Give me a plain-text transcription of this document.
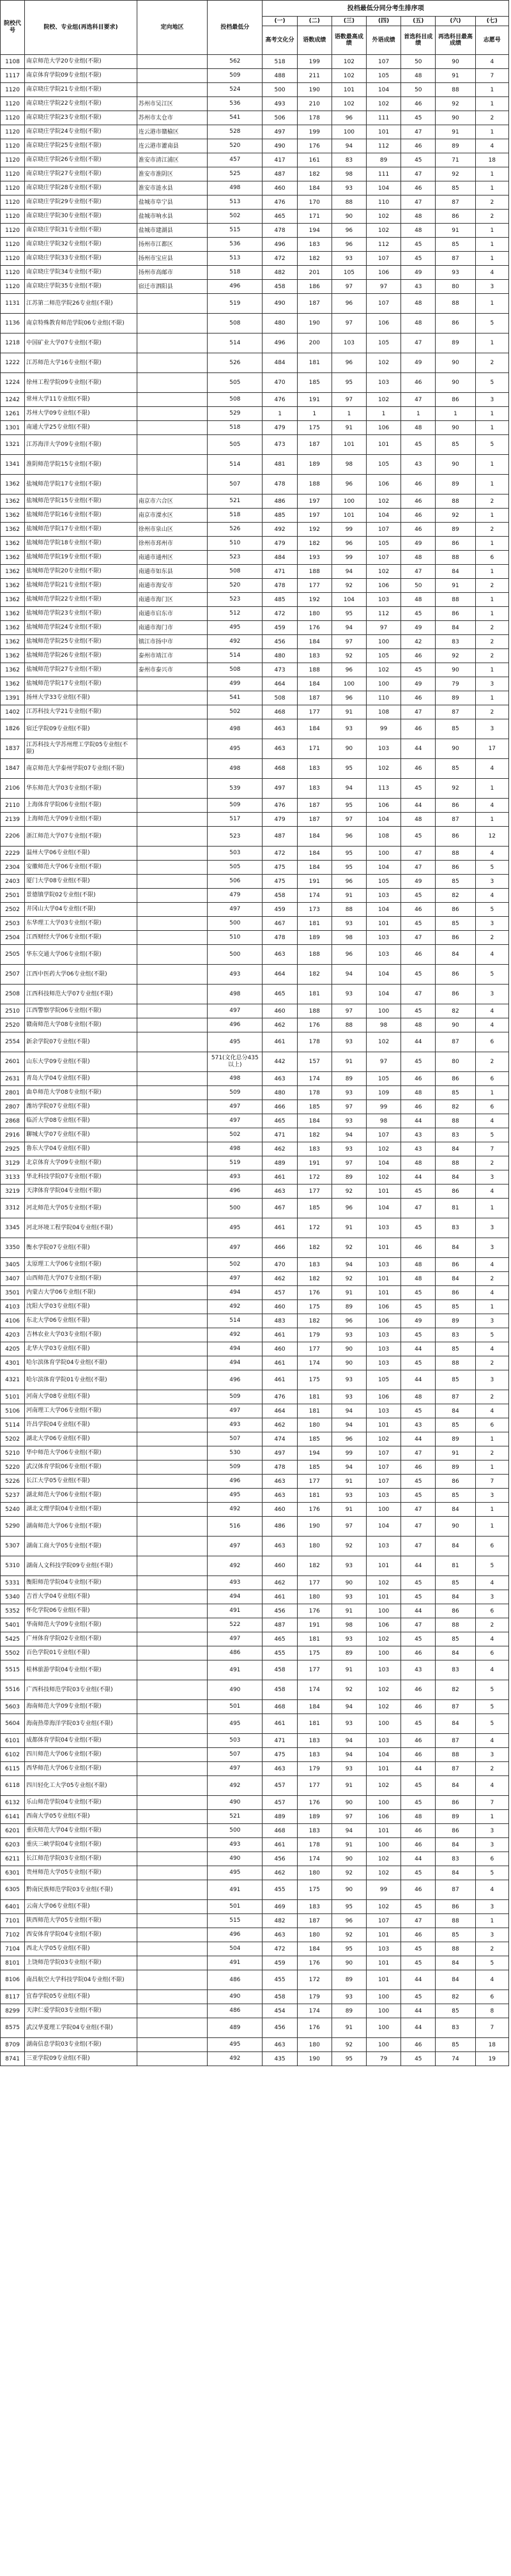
院校代号	院校、专业组(再选科目要求)	定向地区	投档最低分	投档最低分同分考生排序项						
				(一)	(二)	(三)	(四)	(五)	(六)	(七)
				高考文化分	语数成绩	语数最高成绩	外语成绩	首选科目成绩	再选科目最高成绩	志愿号
1108	南京师范大学20专业组(不限)		562	518	199	102	107	50	90	4
1117	南京体育学院09专业组(不限)		509	488	211	102	105	48	91	7
1120	南京晓庄学院21专业组(不限)		524	500	190	101	104	50	88	1
1120	南京晓庄学院22专业组(不限)	苏州市吴江区	536	493	210	102	102	46	92	1
1120	南京晓庄学院23专业组(不限)	苏州市太仓市	541	506	178	96	111	45	90	2
1120	南京晓庄学院24专业组(不限)	连云港市赣榆区	528	497	199	100	101	47	91	1
1120	南京晓庄学院25专业组(不限)	连云港市灌南县	520	490	176	94	112	46	89	4
1120	南京晓庄学院26专业组(不限)	淮安市清江浦区	457	417	161	83	89	45	71	18
1120	南京晓庄学院27专业组(不限)	淮安市淮阴区	525	487	182	98	111	47	92	1
1120	南京晓庄学院28专业组(不限)	淮安市涟水县	498	460	184	93	104	46	85	1
1120	南京晓庄学院29专业组(不限)	盐城市阜宁县	513	476	170	88	110	47	87	2
1120	南京晓庄学院30专业组(不限)	盐城市响水县	502	465	171	90	102	48	86	2
1120	南京晓庄学院31专业组(不限)	盐城市建湖县	515	478	194	96	102	48	91	1
1120	南京晓庄学院32专业组(不限)	扬州市江都区	536	496	183	96	112	45	85	1
1120	南京晓庄学院33专业组(不限)	扬州市宝应县	513	472	182	93	107	45	87	1
1120	南京晓庄学院34专业组(不限)	扬州市高邮市	518	482	201	105	106	49	93	4
1120	南京晓庄学院35专业组(不限)	宿迁市泗阳县	496	458	186	97	97	43	80	3
1131	江苏第二师范学院26专业组(不限)		519	490	187	96	107	48	88	1
1136	南京特殊教育师范学院06专业组(不限)		508	480	190	97	106	48	86	5
1218	中国矿业大学07专业组(不限)		514	496	200	103	105	47	89	1
1222	江苏师范大学16专业组(不限)		526	484	181	96	102	49	90	2
1224	徐州工程学院09专业组(不限)		505	470	185	95	103	46	90	5
1242	常州大学11专业组(不限)		508	476	191	97	102	47	86	3
1261	苏州大学09专业组(不限)		529	1	1	1	1	1	1	1
1301	南通大学25专业组(不限)		518	479	175	91	106	48	90	1
1321	江苏海洋大学09专业组(不限)		505	473	187	101	101	45	85	5
1341	淮阴师范学院15专业组(不限)		514	481	189	98	105	43	90	1
1362	盐城师范学院17专业组(不限)		507	478	188	96	106	46	89	1
1362	盐城师范学院15专业组(不限)	南京市六合区	521	486	197	100	102	46	88	2
1362	盐城师范学院16专业组(不限)	南京市溧水区	518	485	197	101	104	46	92	1
1362	盐城师范学院17专业组(不限)	徐州市泉山区	526	492	192	99	107	46	89	2
1362	盐城师范学院18专业组(不限)	徐州市邳州市	510	479	182	96	105	49	86	1
1362	盐城师范学院19专业组(不限)	南通市通州区	523	484	193	99	107	48	88	6
1362	盐城师范学院20专业组(不限)	南通市如东县	508	471	188	94	102	47	84	1
1362	盐城师范学院21专业组(不限)	南通市海安市	520	478	177	92	106	50	91	2
1362	盐城师范学院22专业组(不限)	南通市海门区	523	485	192	104	103	48	88	1
1362	盐城师范学院23专业组(不限)	南通市启东市	512	472	180	95	112	45	86	1
1362	盐城师范学院24专业组(不限)	南通市海门市	495	459	176	94	97	49	84	2
1362	盐城师范学院25专业组(不限)	镇江市扬中市	492	456	184	97	100	42	83	2
1362	盐城师范学院26专业组(不限)	泰州市靖江市	514	480	183	92	105	46	92	2
1362	盐城师范学院27专业组(不限)	泰州市泰兴市	508	473	188	96	102	45	90	1
1362	盐城师范学院17专业组(不限)		499	464	184	100	100	49	79	3
1391	扬州大学33专业组(不限)		541	508	187	96	110	46	89	1
1402	江苏科技大学21专业组(不限)		502	468	177	91	108	47	87	2
1826	宿迁学院09专业组(不限)		498	463	184	93	99	46	85	3
1837	江苏科技大学苏州理工学院05专业组(不限)		495	463	171	90	103	44	90	17
1847	南京师范大学泰州学院07专业组(不限)		498	468	183	95	102	46	85	4
2106	华东师范大学03专业组(不限)		539	497	183	94	113	45	92	1
2110	上海体育学院06专业组(不限)		509	476	187	95	106	44	86	4
2139	上海师范大学09专业组(不限)		517	479	187	97	104	48	87	1
2206	浙江师范大学07专业组(不限)		523	487	184	96	108	45	86	12
2229	温州大学06专业组(不限)		503	472	184	95	100	47	88	4
2304	安徽师范大学06专业组(不限)		505	475	184	95	104	47	86	5
2403	厦门大学08专业组(不限)		506	475	191	96	105	49	85	3
2501	景德镇学院02专业组(不限)		479	458	174	91	103	45	82	4
2502	井冈山大学04专业组(不限)		497	459	173	88	104	46	86	5
2503	东华理工大学03专业组(不限)		500	467	181	93	101	45	85	3
2504	江西财经大学06专业组(不限)		510	478	189	98	103	47	86	2
2505	华东交通大学06专业组(不限)		500	463	188	96	103	46	84	4
2507	江西中医药大学06专业组(不限)		493	464	182	94	104	45	86	5
2508	江西科技师范大学07专业组(不限)		498	465	181	93	104	47	86	3
2510	江西警察学院06专业组(不限)		497	460	188	97	100	45	82	4
2520	赣南师范大学08专业组(不限)		496	462	176	88	98	48	90	4
2554	新余学院07专业组(不限)		495	461	178	93	102	44	87	6
2601	山东大学09专业组(不限)		571(文化总分435以上)	442	157	91	97	45	80	2
2631	青岛大学04专业组(不限)		498	463	174	89	105	46	86	6
2801	曲阜师范大学08专业组(不限)		509	480	178	93	109	48	85	1
2807	潍坊学院07专业组(不限)		497	466	185	97	99	46	82	6
2868	临沂大学08专业组(不限)		497	465	184	93	98	44	88	4
2916	聊城大学07专业组(不限)		502	471	182	94	107	43	83	5
2925	鲁东大学04专业组(不限)		498	462	183	93	102	43	84	7
3129	北京体育大学09专业组(不限)		519	489	191	97	104	48	88	2
3133	华北科技学院07专业组(不限)		493	461	172	89	102	44	84	3
3219	天津体育学院04专业组(不限)		496	463	177	92	101	45	86	4
3312	河北师范大学05专业组(不限)		500	467	185	96	104	47	81	1
3345	河北环境工程学院04专业组(不限)		495	461	172	91	103	45	83	3
3350	衡水学院07专业组(不限)		497	466	182	92	101	46	84	3
3405	太原理工大学06专业组(不限)		502	470	183	94	103	48	86	4
3407	山西师范大学07专业组(不限)		497	462	182	92	101	48	84	2
3501	内蒙古大学06专业组(不限)		494	457	176	91	101	45	86	4
4103	沈阳大学03专业组(不限)		492	460	175	89	106	45	85	1
4106	东北大学06专业组(不限)		514	483	182	96	106	49	89	3
4203	吉林农业大学03专业组(不限)		492	461	179	93	103	45	83	5
4205	北华大学03专业组(不限)		494	460	177	90	103	44	85	4
4301	哈尔滨体育学院04专业组(不限)		494	461	174	90	103	45	88	2
4321	哈尔滨体育学院01专业组(不限)		496	461	175	93	105	44	85	3
5101	河南大学08专业组(不限)		509	476	181	93	106	48	87	2
5106	河南理工大学06专业组(不限)		497	464	181	94	103	45	84	4
5114	许昌学院04专业组(不限)		493	462	180	94	101	43	85	6
5202	湖北大学06专业组(不限)		507	474	185	96	102	44	89	1
5210	华中师范大学06专业组(不限)		530	497	194	99	107	47	91	2
5220	武汉体育学院06专业组(不限)		509	478	185	94	107	46	89	1
5226	长江大学05专业组(不限)		496	463	177	91	107	45	86	7
5237	湖北师范大学06专业组(不限)		495	463	181	93	103	45	85	3
5240	湖北文理学院04专业组(不限)		492	460	176	91	100	47	84	1
5290	湖南师范大学06专业组(不限)		516	486	190	97	104	47	90	1
5307	湖南工商大学05专业组(不限)		497	463	180	92	103	47	84	6
5310	湖南人文科技学院09专业组(不限)		492	460	182	93	101	44	81	5
5331	衡阳师范学院04专业组(不限)		493	462	177	90	102	45	85	4
5340	吉首大学04专业组(不限)		494	461	180	93	101	45	84	3
5352	怀化学院06专业组(不限)		491	456	176	91	100	44	86	6
5401	华南师范大学09专业组(不限)		522	487	191	98	106	47	88	2
5425	广州体育学院02专业组(不限)		497	465	181	93	102	45	85	4
5502	百色学院01专业组(不限)		486	455	175	89	100	46	84	6
5515	桂林旅游学院04专业组(不限)		491	458	177	91	103	43	83	4
5516	广西科技师范学院03专业组(不限)		490	458	174	92	102	46	82	5
5603	海南师范大学09专业组(不限)		501	468	184	94	102	46	87	5
5604	海南热带海洋学院03专业组(不限)		495	461	181	93	100	45	84	5
6101	成都体育学院04专业组(不限)		503	471	183	94	103	46	87	4
6102	四川师范大学06专业组(不限)		507	475	183	94	104	46	88	3
6115	西华师范大学06专业组(不限)		497	463	179	93	101	44	87	2
6118	四川轻化工大学05专业组(不限)		492	457	177	91	102	45	84	4
6132	乐山师范学院04专业组(不限)		490	457	176	90	100	45	86	7
6141	西南大学05专业组(不限)		521	489	189	97	106	48	89	1
6201	重庆师范大学04专业组(不限)		500	468	183	94	101	46	86	3
6203	重庆三峡学院04专业组(不限)		493	461	178	91	100	46	84	3
6211	长江师范学院03专业组(不限)		490	456	174	90	102	44	83	6
6301	贵州师范大学05专业组(不限)		495	462	180	92	102	45	84	5
6305	黔南民族师范学院03专业组(不限)		491	455	175	90	99	46	87	4
6401	云南大学06专业组(不限)		501	469	183	95	102	45	86	3
7101	陕西师范大学05专业组(不限)		515	482	187	96	107	47	88	1
7102	西安体育学院04专业组(不限)		496	463	180	92	101	46	85	3
7104	西北大学05专业组(不限)		504	472	184	95	103	45	88	2
8101	上饶师范学院03专业组(不限)		491	459	176	90	101	45	84	5
8106	南昌航空大学科技学院04专业组(不限)		486	455	172	89	101	44	84	4
8117	宜春学院05专业组(不限)		490	458	179	93	100	45	82	6
8299	天津仁爱学院03专业组(不限)		486	454	174	89	100	44	85	8
8575	武汉华夏理工学院04专业组(不限)		489	456	176	91	100	44	83	7
8709	湖南信息学院03专业组(不限)		495	463	180	92	100	46	85	18
8741	三亚学院09专业组(不限)		492	435	190	95	79	45	74	19
